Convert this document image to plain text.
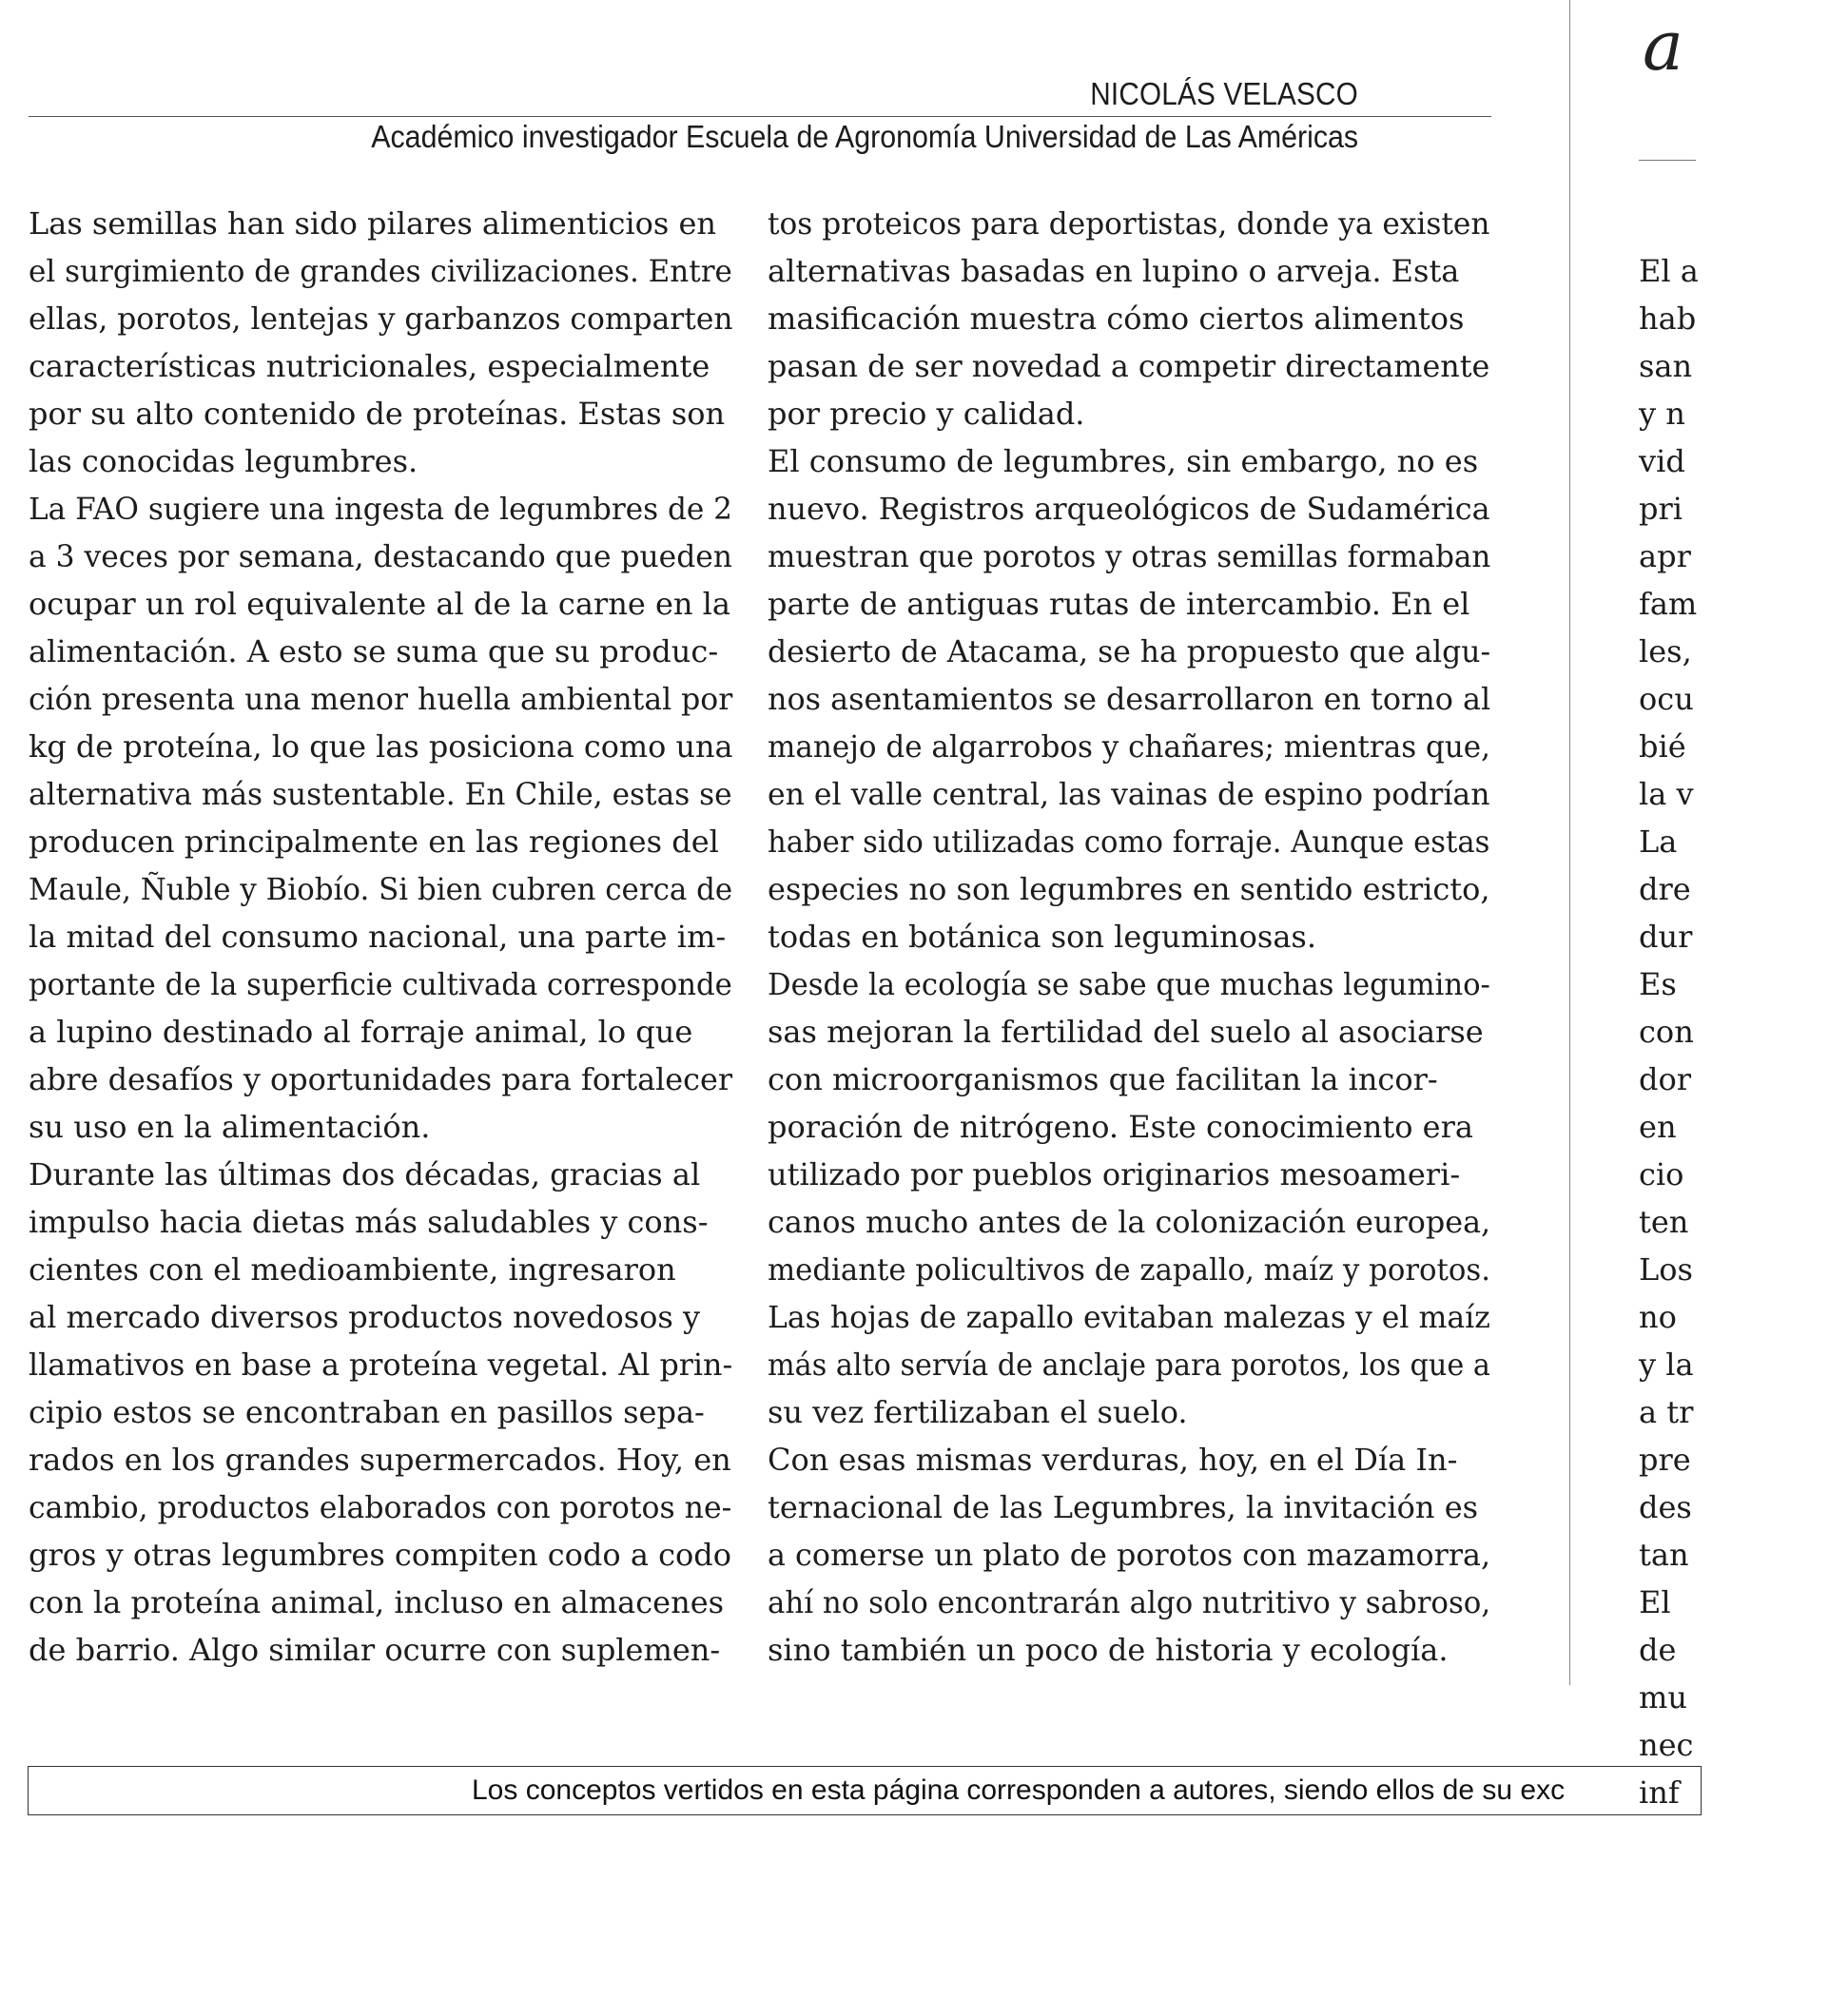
a
NICOLÁS VELASCO
Académico investigador Escuela de Agronomía Universidad de Las Américas
Las semillas han sido pilares alimenticios en
el surgimiento de grandes civilizaciones. Entre
ellas, porotos, lentejas y garbanzos comparten
características nutricionales, especialmente
por su alto contenido de proteínas. Estas son
las conocidas legumbres.
La FAO sugiere una ingesta de legumbres de 2
a 3 veces por semana, destacando que pueden
ocupar un rol equivalente al de la carne en la
alimentación. A esto se suma que su produc-
ción presenta una menor huella ambiental por
kg de proteína, lo que las posiciona como una
alternativa más sustentable. En Chile, estas se
producen principalmente en las regiones del
Maule, Ñuble y Biobío. Si bien cubren cerca de
la mitad del consumo nacional, una parte im-
portante de la superficie cultivada corresponde
a lupino destinado al forraje animal, lo que
abre desafíos y oportunidades para fortalecer
su uso en la alimentación.
Durante las últimas dos décadas, gracias al
impulso hacia dietas más saludables y cons-
cientes con el medioambiente, ingresaron
al mercado diversos productos novedosos y
llamativos en base a proteína vegetal. Al prin-
cipio estos se encontraban en pasillos sepa-
rados en los grandes supermercados. Hoy, en
cambio, productos elaborados con porotos ne-
gros y otras legumbres compiten codo a codo
con la proteína animal, incluso en almacenes
de barrio. Algo similar ocurre con suplemen-
tos proteicos para deportistas, donde ya existen
alternativas basadas en lupino o arveja. Esta
masificación muestra cómo ciertos alimentos
pasan de ser novedad a competir directamente
por precio y calidad.
El consumo de legumbres, sin embargo, no es
nuevo. Registros arqueológicos de Sudamérica
muestran que porotos y otras semillas formaban
parte de antiguas rutas de intercambio. En el
desierto de Atacama, se ha propuesto que algu-
nos asentamientos se desarrollaron en torno al
manejo de algarrobos y chañares; mientras que,
en el valle central, las vainas de espino podrían
haber sido utilizadas como forraje. Aunque estas
especies no son legumbres en sentido estricto,
todas en botánica son leguminosas.
Desde la ecología se sabe que muchas legumino-
sas mejoran la fertilidad del suelo al asociarse
con microorganismos que facilitan la incor-
poración de nitrógeno. Este conocimiento era
utilizado por pueblos originarios mesoameri-
canos mucho antes de la colonización europea,
mediante policultivos de zapallo, maíz y porotos.
Las hojas de zapallo evitaban malezas y el maíz
más alto servía de anclaje para porotos, los que a
su vez fertilizaban el suelo.
Con esas mismas verduras, hoy, en el Día In-
ternacional de las Legumbres, la invitación es
a comerse un plato de porotos con mazamorra,
ahí no solo encontrarán algo nutritivo y sabroso,
sino también un poco de historia y ecología.
El a
hab
san
y n
vid
pri
apr
fam
les,
ocu
bié
la v
La
dre
dur
Es
con
dor
en
cio
ten
Los
no
y la
a tr
pre
des
tan
El
de
mu
nec
inf
Los conceptos vertidos en esta página corresponden a autores, siendo ellos de su exc
